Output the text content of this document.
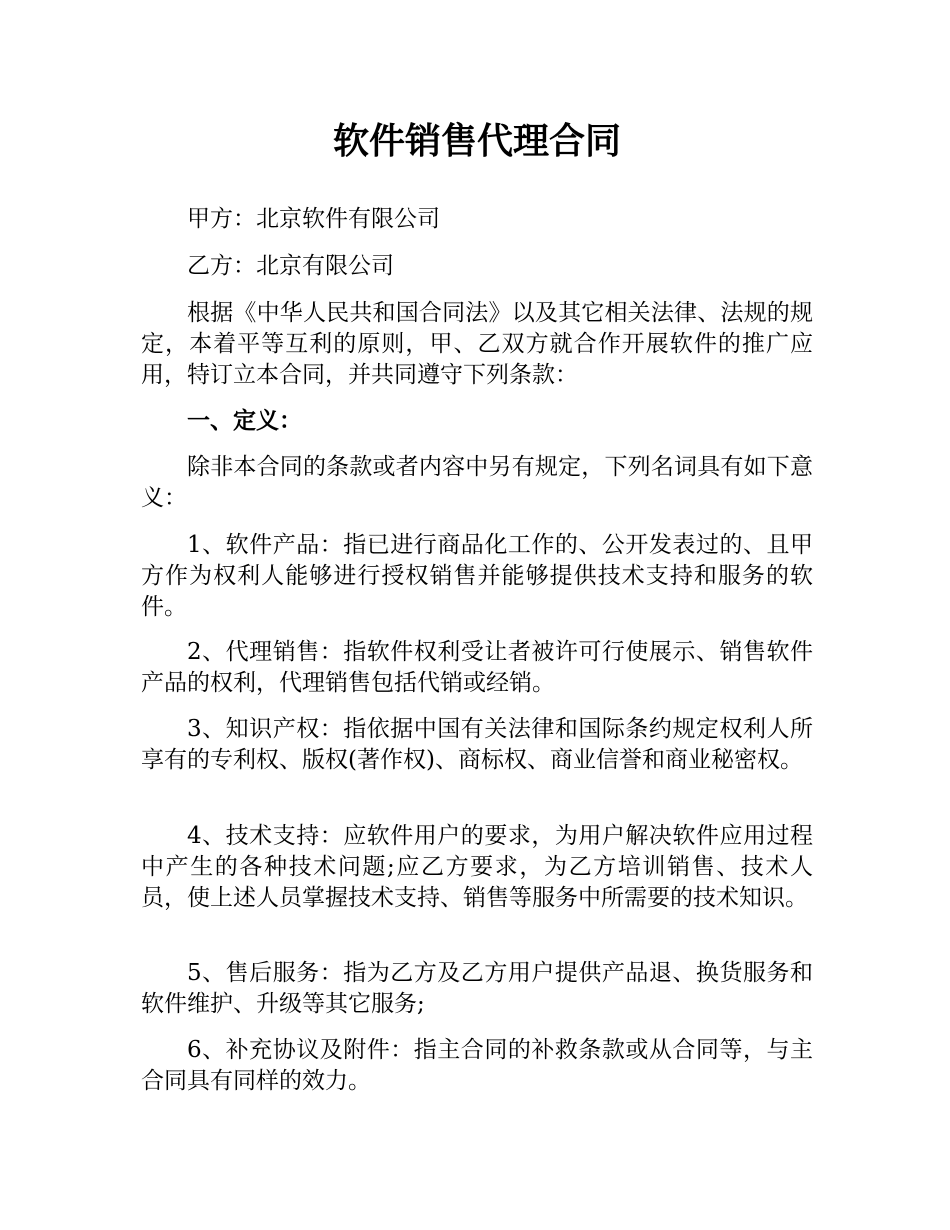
软件销售代理合同

甲方：北京软件有限公司

乙方：北京有限公司

根据《中华人民共和国合同法》以及其它相关法律、法规的规定，本着平等互利的原则，甲、乙双方就合作开展软件的推广应用，特订立本合同，并共同遵守下列条款：

一、定义：

除非本合同的条款或者内容中另有规定，下列名词具有如下意义：

1、软件产品：指已进行商品化工作的、公开发表过的、且甲方作为权利人能够进行授权销售并能够提供技术支持和服务的软件。

2、代理销售：指软件权利受让者被许可行使展示、销售软件产品的权利，代理销售包括代销或经销。

3、知识产权：指依据中国有关法律和国际条约规定权利人所享有的专利权、版权(著作权)、商标权、商业信誉和商业秘密权。

4、技术支持：应软件用户的要求，为用户解决软件应用过程中产生的各种技术问题;应乙方要求，为乙方培训销售、技术人员，使上述人员掌握技术支持、销售等服务中所需要的技术知识。

5、售后服务：指为乙方及乙方用户提供产品退、换货服务和软件维护、升级等其它服务;

6、补充协议及附件：指主合同的补救条款或从合同等，与主合同具有同样的效力。
